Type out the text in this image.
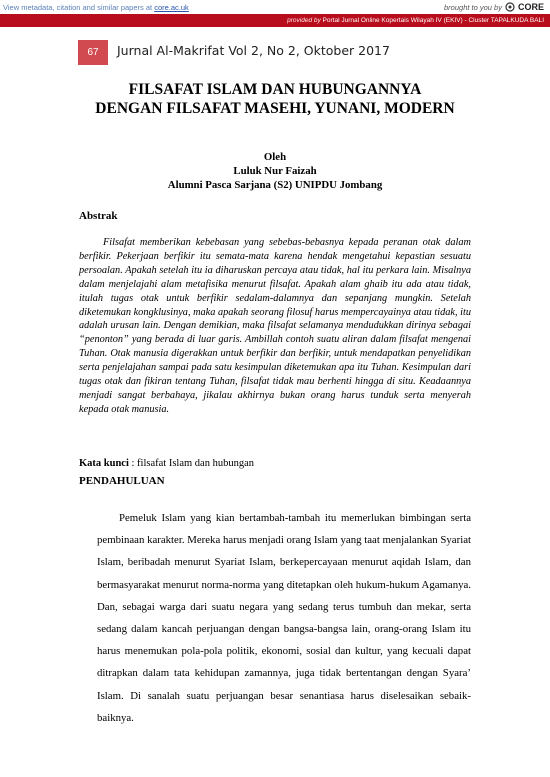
View metadata, citation and similar papers at core.ac.uk	brought to you by CORE
provided by Portal Jurnal Online Kopertais Wilayah IV (EKIV) - Cluster TAPALKUDA BALI
67 Jurnal Al-Makrifat Vol 2, No 2, Oktober 2017
FILSAFAT ISLAM DAN HUBUNGANNYA
DENGAN FILSAFAT MASEHI, YUNANI, MODERN
Oleh
Luluk Nur Faizah
Alumni Pasca Sarjana (S2) UNIPDU Jombang
Abstrak

Filsafat memberikan kebebasan yang sebebas-bebasnya kepada peranan otak dalam berfikir. Pekerjaan berfikir itu semata-mata karena hendak mengetahui kepastian sesuatu persoalan. Apakah setelah itu ia diharuskan percaya atau tidak, hal itu perkara lain. Misalnya dalam menjelajahi alam metafisika menurut filsafat. Apakah alam ghaib itu ada atau tidak, itulah tugas otak untuk berfikir sedalam-dalamnya dan sepanjang mungkin. Setelah diketemukan kongklusinya, maka apakah seorang filosuf harus mempercayainya atau tidak, itu adalah urusan lain. Dengan demikian, maka filsafat selamanya mendudukkan dirinya sebagai “penonton” yang berada di luar garis. Ambillah contoh suatu aliran dalam filsafat mengenai Tuhan. Otak manusia digerakkan untuk berfikir dan berfikir, untuk mendapatkan penyelidikan serta penjelajahan sampai pada satu kesimpulan diketemukan apa itu Tuhan. Kesimpulan dari tugas otak dan fikiran tentang Tuhan, filsafat tidak mau berhenti hingga di situ. Keadaannya menjadi sangat berbahaya, jikalau akhirnya bukan orang harus tunduk serta menyerah kepada otak manusia.

Kata kunci : filsafat Islam dan hubungan
PENDAHULUAN

Pemeluk Islam yang kian bertambah-tambah itu memerlukan bimbingan serta pembinaan karakter. Mereka harus menjadi orang Islam yang taat menjalankan Syariat Islam, beribadah menurut Syariat Islam, berkepercayaan menurut aqidah Islam, dan bermasyarakat menurut norma-norma yang ditetapkan oleh hukum-hukum Agamanya. Dan, sebagai warga dari suatu negara yang sedang terus tumbuh dan mekar, serta sedang dalam kancah perjuangan dengan bangsa-bangsa lain, orang-orang Islam itu harus menemukan pola-pola politik, ekonomi, sosial dan kultur, yang kecuali dapat ditrapkan dalam tata kehidupan zamannya, juga tidak bertentangan dengan Syara’ Islam. Di sanalah suatu perjuangan besar senantiasa harus diselesaikan sebaik-baiknya.
